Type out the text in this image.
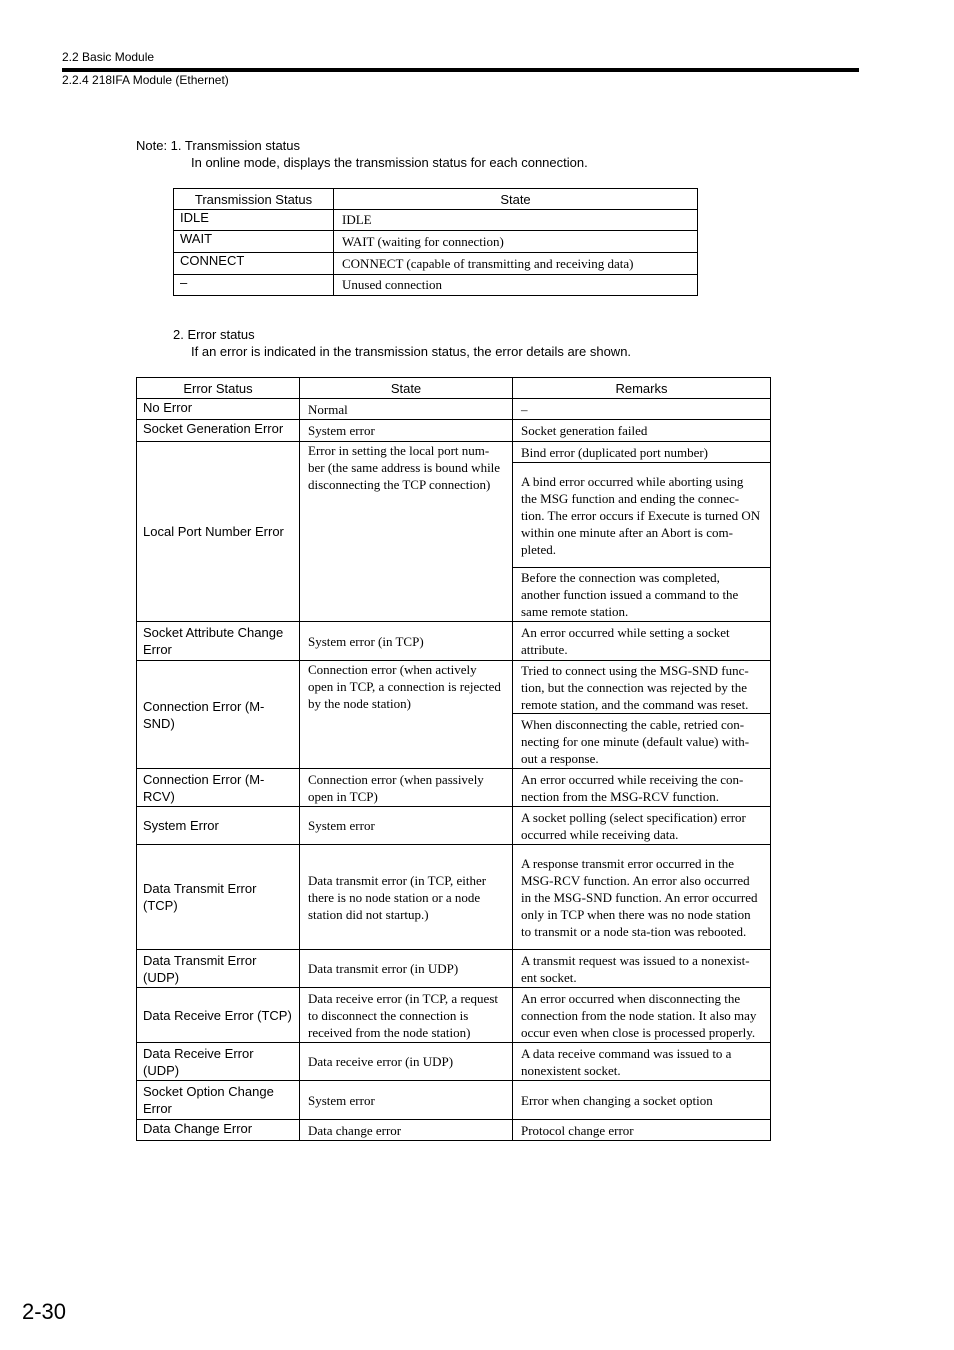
2.2 Basic Module
2.2.4 218IFA Module (Ethernet)
Note: 1. Transmission status
In online mode, displays the transmission status for each connection.
Transmission Status	State
IDLE	IDLE
WAIT	WAIT (waiting for connection)
CONNECT	CONNECT (capable of transmitting and receiving data)
–	Unused connection
2. Error status
If an error is indicated in the transmission status, the error details are shown.
Error Status	State	Remarks
No Error	Normal	–
Socket Generation Error	System error	Socket generation failed
Local Port Number Error	Error in setting the local port num-ber (the same address is bound while disconnecting the TCP connection)	Bind error (duplicated port number)
		A bind error occurred while aborting using the MSG function and ending the connec-tion. The error occurs if Execute is turned ON within one minute after an Abort is com-pleted.
		Before the connection was completed, another function issued a command to the same remote station.
Socket Attribute Change Error	System error (in TCP)	An error occurred while setting a socket attribute.
Connection Error (M-SND)	Connection error (when actively open in TCP, a connection is rejected by the node station)	Tried to connect using the MSG-SND func-tion, but the connection was rejected by the remote station, and the command was reset.
		When disconnecting the cable, retried con-necting for one minute (default value) with-out a response.
Connection Error (M-RCV)	Connection error (when passively open in TCP)	An error occurred while receiving the con-nection from the MSG-RCV function.
System Error	System error	A socket polling (select specification) error occurred while receiving data.
Data Transmit Error (TCP)	Data transmit error (in TCP, either there is no node station or a node station did not startup.)	A response transmit error occurred in the MSG-RCV function. An error also occurred in the MSG-SND function. An error occurred only in TCP when there was no node station to transmit or a node sta-tion was rebooted.
Data Transmit Error (UDP)	Data transmit error (in UDP)	A transmit request was issued to a nonexist-ent socket.
Data Receive Error (TCP)	Data receive error (in TCP, a request to disconnect the connection is received from the node station)	An error occurred when disconnecting the connection from the node station. It also may occur even when close is processed properly.
Data Receive Error (UDP)	Data receive error (in UDP)	A data receive command was issued to a nonexistent socket.
Socket Option Change Error	System error	Error when changing a socket option
Data Change Error	Data change error	Protocol change error
2-30
